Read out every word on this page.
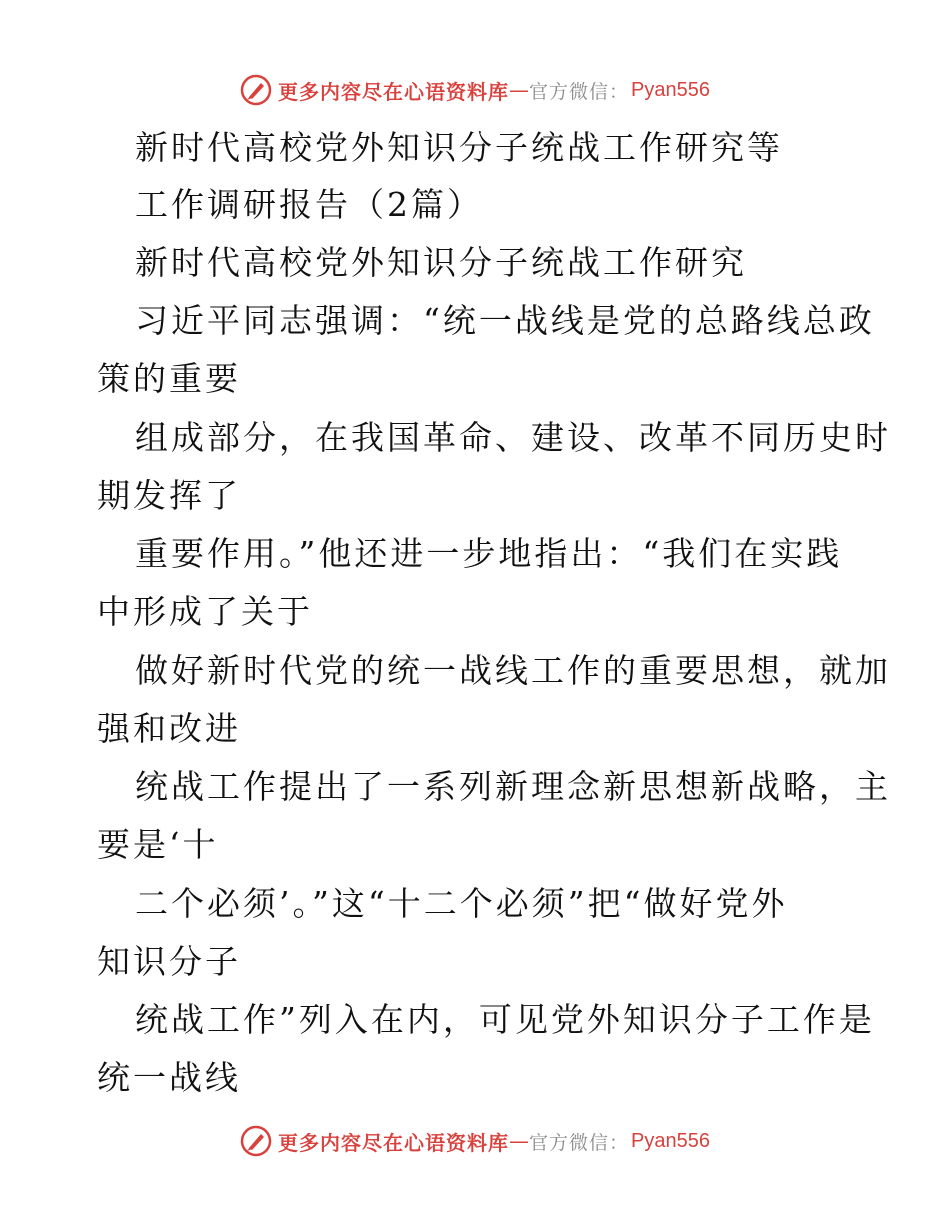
更多内容尽在心语资料库 — 官方微信： Pyan556
新时代高校党外知识分子统战工作研究等
工作调研报告（2篇）
新时代高校党外知识分子统战工作研究
习近平同志强调：“统一战线是党的总路线总政
策的重要
组成部分，在我国革命、建设、改革不同历史时
期发挥了
重要作用。”他还进一步地指出：“我们在实践
中形成了关于
做好新时代党的统一战线工作的重要思想，就加
强和改进
统战工作提出了一系列新理念新思想新战略，主
要是‘十
二个必须’。”这“十二个必须”把“做好党外
知识分子
统战工作”列入在内，可见党外知识分子工作是
统一战线
更多内容尽在心语资料库 — 官方微信： Pyan556
